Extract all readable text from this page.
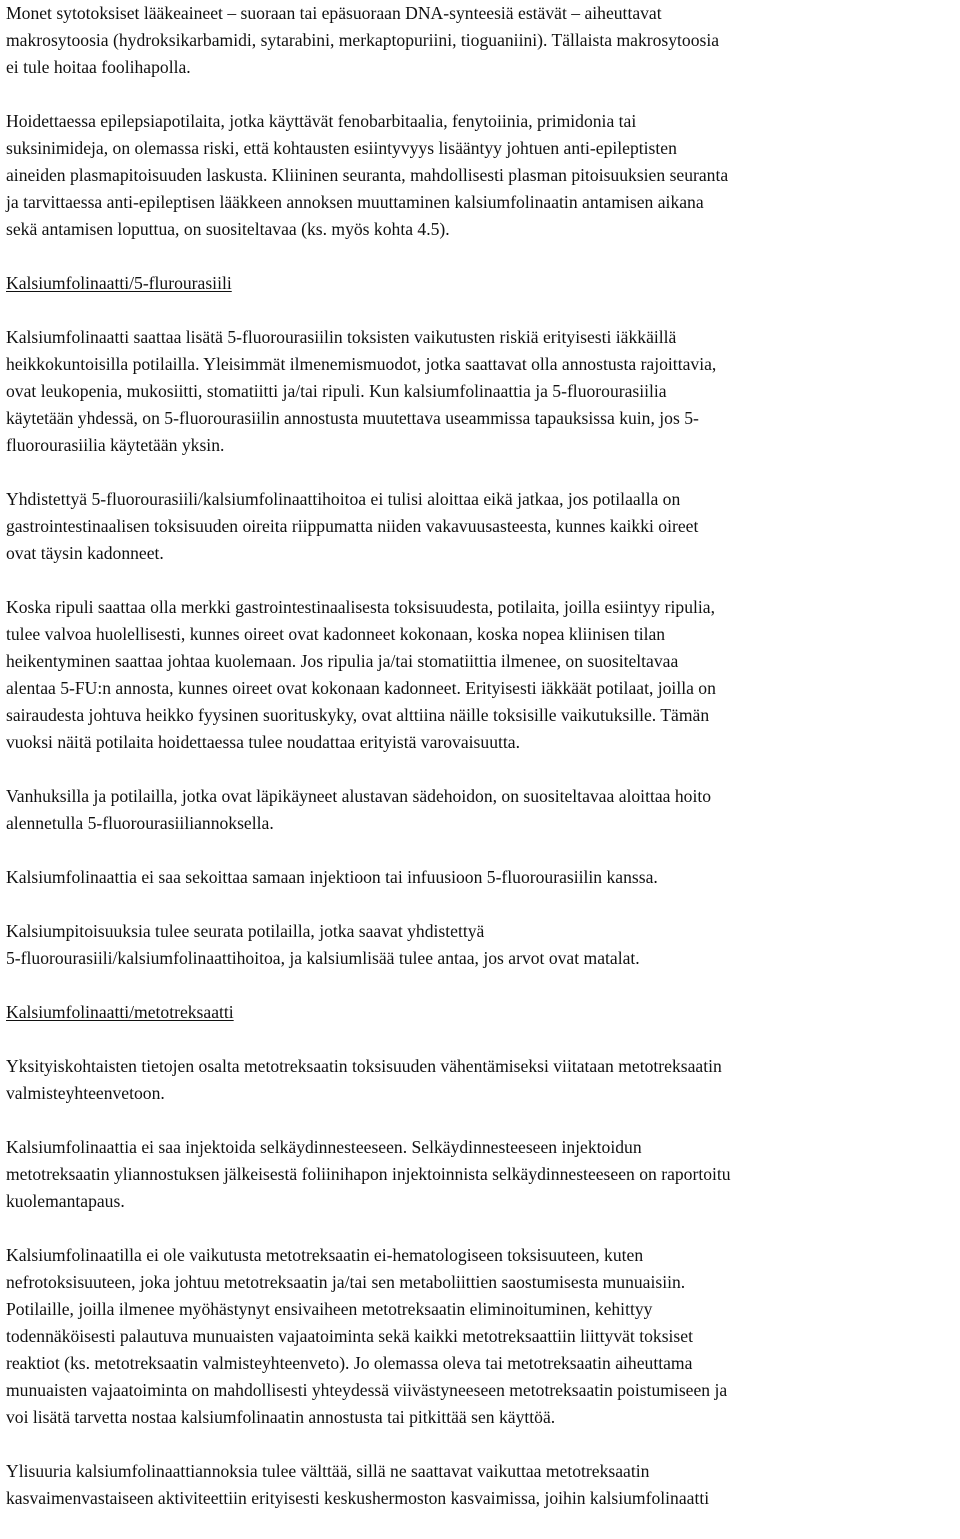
Monet sytotoksiset lääkeaineet – suoraan tai epäsuoraan DNA-synteesiä estävät – aiheuttavat
makrosytoosia (hydroksikarbamidi, sytarabini, merkaptopuriini, tioguaniini). Tällaista makrosytoosia
ei tule hoitaa foolihapolla.
Hoidettaessa epilepsiapotilaita, jotka käyttävät fenobarbitaalia, fenytoiinia, primidonia tai
suksinimideja, on olemassa riski, että kohtausten esiintyvyys lisääntyy johtuen anti-epileptisten
aineiden plasmapitoisuuden laskusta. Kliininen seuranta, mahdollisesti plasman pitoisuuksien seuranta
ja tarvittaessa anti-epileptisen lääkkeen annoksen muuttaminen kalsiumfolinaatin antamisen aikana
sekä antamisen loputtua, on suositeltavaa (ks. myös kohta 4.5).
Kalsiumfolinaatti/5-flurourasiili
Kalsiumfolinaatti saattaa lisätä 5-fluorourasiilin toksisten vaikutusten riskiä erityisesti iäkkäillä
heikkokuntoisilla potilailla. Yleisimmät ilmenemismuodot, jotka saattavat olla annostusta rajoittavia,
ovat leukopenia, mukosiitti, stomatiitti ja/tai ripuli. Kun kalsiumfolinaattia ja 5-fluorourasiilia
käytetään yhdessä, on 5-fluorourasiilin annostusta muutettava useammissa tapauksissa kuin, jos 5-
fluorourasiilia käytetään yksin.
Yhdistettyä 5-fluorourasiili/kalsiumfolinaattihoitoa ei tulisi aloittaa eikä jatkaa, jos potilaalla on
gastrointestinaalisen toksisuuden oireita riippumatta niiden vakavuusasteesta, kunnes kaikki oireet
ovat täysin kadonneet.
Koska ripuli saattaa olla merkki gastrointestinaalisesta toksisuudesta, potilaita, joilla esiintyy ripulia,
tulee valvoa huolellisesti, kunnes oireet ovat kadonneet kokonaan, koska nopea kliinisen tilan
heikentyminen saattaa johtaa kuolemaan. Jos ripulia ja/tai stomatiittia ilmenee, on suositeltavaa
alentaa 5-FU:n annosta, kunnes oireet ovat kokonaan kadonneet. Erityisesti iäkkäät potilaat, joilla on
sairaudesta johtuva heikko fyysinen suorituskyky, ovat alttiina näille toksisille vaikutuksille. Tämän
vuoksi näitä potilaita hoidettaessa tulee noudattaa erityistä varovaisuutta.
Vanhuksilla ja potilailla, jotka ovat läpikäyneet alustavan sädehoidon, on suositeltavaa aloittaa hoito
alennetulla 5-fluorourasiiliannoksella.
Kalsiumfolinaattia ei saa sekoittaa samaan injektioon tai infuusioon 5-fluorourasiilin kanssa.
Kalsiumpitoisuuksia tulee seurata potilailla, jotka saavat yhdistettyä
5-fluorourasiili/kalsiumfolinaattihoitoa, ja kalsiumlisää tulee antaa, jos arvot ovat matalat.
Kalsiumfolinaatti/metotreksaatti
Yksityiskohtaisten tietojen osalta metotreksaatin toksisuuden vähentämiseksi viitataan metotreksaatin
valmisteyhteenvetoon.
Kalsiumfolinaattia ei saa injektoida selkäydinnesteeseen. Selkäydinnesteeseen injektoidun
metotreksaatin yliannostuksen jälkeisestä foliinihapon injektoinnista selkäydinnesteeseen on raportoitu
kuolemantapaus.
Kalsiumfolinaatilla ei ole vaikutusta metotreksaatin ei-hematologiseen toksisuuteen, kuten
nefrotoksisuuteen, joka johtuu metotreksaatin ja/tai sen metaboliittien saostumisesta munuaisiin.
Potilaille, joilla ilmenee myöhästynyt ensivaiheen metotreksaatin eliminoituminen, kehittyy
todennäköisesti palautuva munuaisten vajaatoiminta sekä kaikki metotreksaattiin liittyvät toksiset
reaktiot (ks. metotreksaatin valmisteyhteenveto). Jo olemassa oleva tai metotreksaatin aiheuttama
munuaisten vajaatoiminta on mahdollisesti yhteydessä viivästyneeseen metotreksaatin poistumiseen ja
voi lisätä tarvetta nostaa kalsiumfolinaatin annostusta tai pitkittää sen käyttöä.
Ylisuuria kalsiumfolinaattiannoksia tulee välttää, sillä ne saattavat vaikuttaa metotreksaatin
kasvaimenvastaiseen aktiviteettiin erityisesti keskushermoston kasvaimissa, joihin kalsiumfolinaatti
